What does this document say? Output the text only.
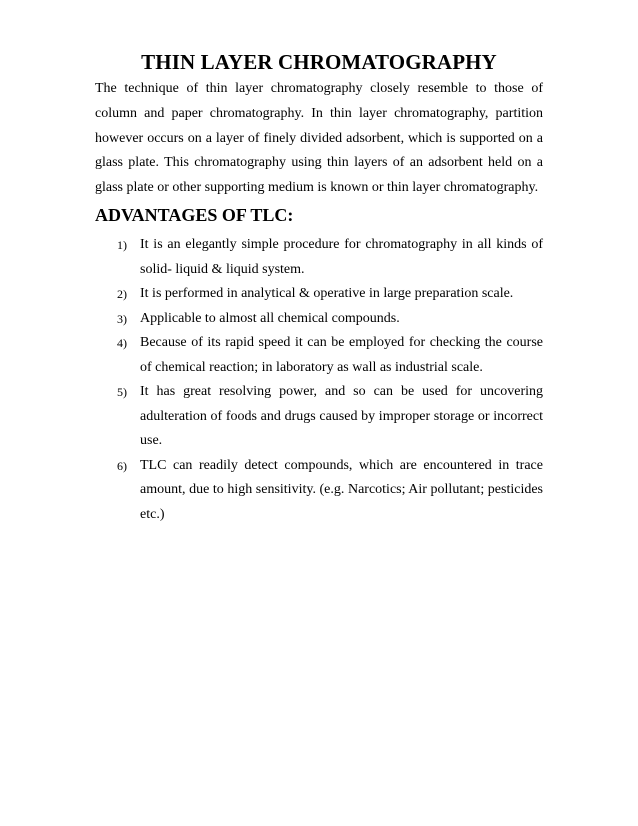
THIN LAYER CHROMATOGRAPHY

The technique of thin layer chromatography closely resemble to those of column and paper chromatography. In thin layer chromatography, partition however occurs on a layer of finely divided adsorbent, which is supported on a glass plate. This chromatography using thin layers of an adsorbent held on a glass plate or other supporting medium is known or thin layer chromatography.

ADVANTAGES OF TLC:
1) It is an elegantly simple procedure for chromatography in all kinds of solid- liquid & liquid system.
2) It is performed in analytical & operative in large preparation scale.
3) Applicable to almost all chemical compounds.
4) Because of its rapid speed it can be employed for checking the course of chemical reaction; in laboratory as wall as industrial scale.
5) It has great resolving power, and so can be used for uncovering adulteration of foods and drugs caused by improper storage or incorrect use.
6) TLC can readily detect compounds, which are encountered in trace amount, due to high sensitivity. (e.g. Narcotics; Air pollutant; pesticides etc.)
